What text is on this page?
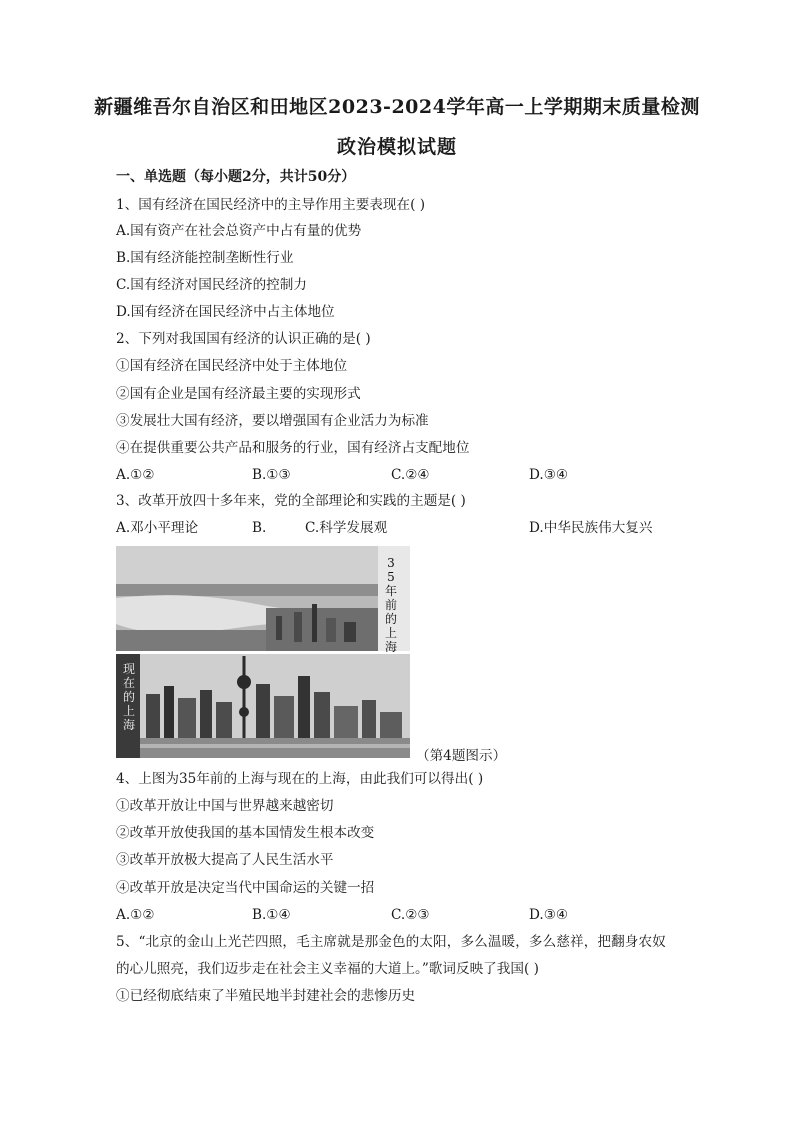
新疆维吾尔自治区和田地区2023-2024学年高一上学期期末质量检测
政治模拟试题
一、单选题（每小题2分，共计50分）
1、国有经济在国民经济中的主导作用主要表现在( )
A.国有资产在社会总资产中占有量的优势
B.国有经济能控制垄断性行业
C.国有经济对国民经济的控制力
D.国有经济在国民经济中占主体地位
2、下列对我国国有经济的认识正确的是( )
①国有经济在国民经济中处于主体地位
②国有企业是国有经济最主要的实现形式
③发展壮大国有经济，要以增强国有企业活力为标准
④在提供重要公共产品和服务的行业，国有经济占支配地位
A.①②	B.①③	C.②④	D.③④
3、改革开放四十多年来，党的全部理论和实践的主题是( )
A.邓小平理论	B.	C.科学发展观	D.中华民族伟大复兴
35年前的上海
现在的上海
（第4题图示）
4、上图为35年前的上海与现在的上海，由此我们可以得出( )
①改革开放让中国与世界越来越密切
②改革开放使我国的基本国情发生根本改变
③改革开放极大提高了人民生活水平
④改革开放是决定当代中国命运的关键一招
A.①②	B.①④	C.②③	D.③④
5、“北京的金山上光芒四照，毛主席就是那金色的太阳，多么温暖，多么慈祥，把翻身农奴
的心儿照亮，我们迈步走在社会主义幸福的大道上。”歌词反映了我国( )
①已经彻底结束了半殖民地半封建社会的悲惨历史
